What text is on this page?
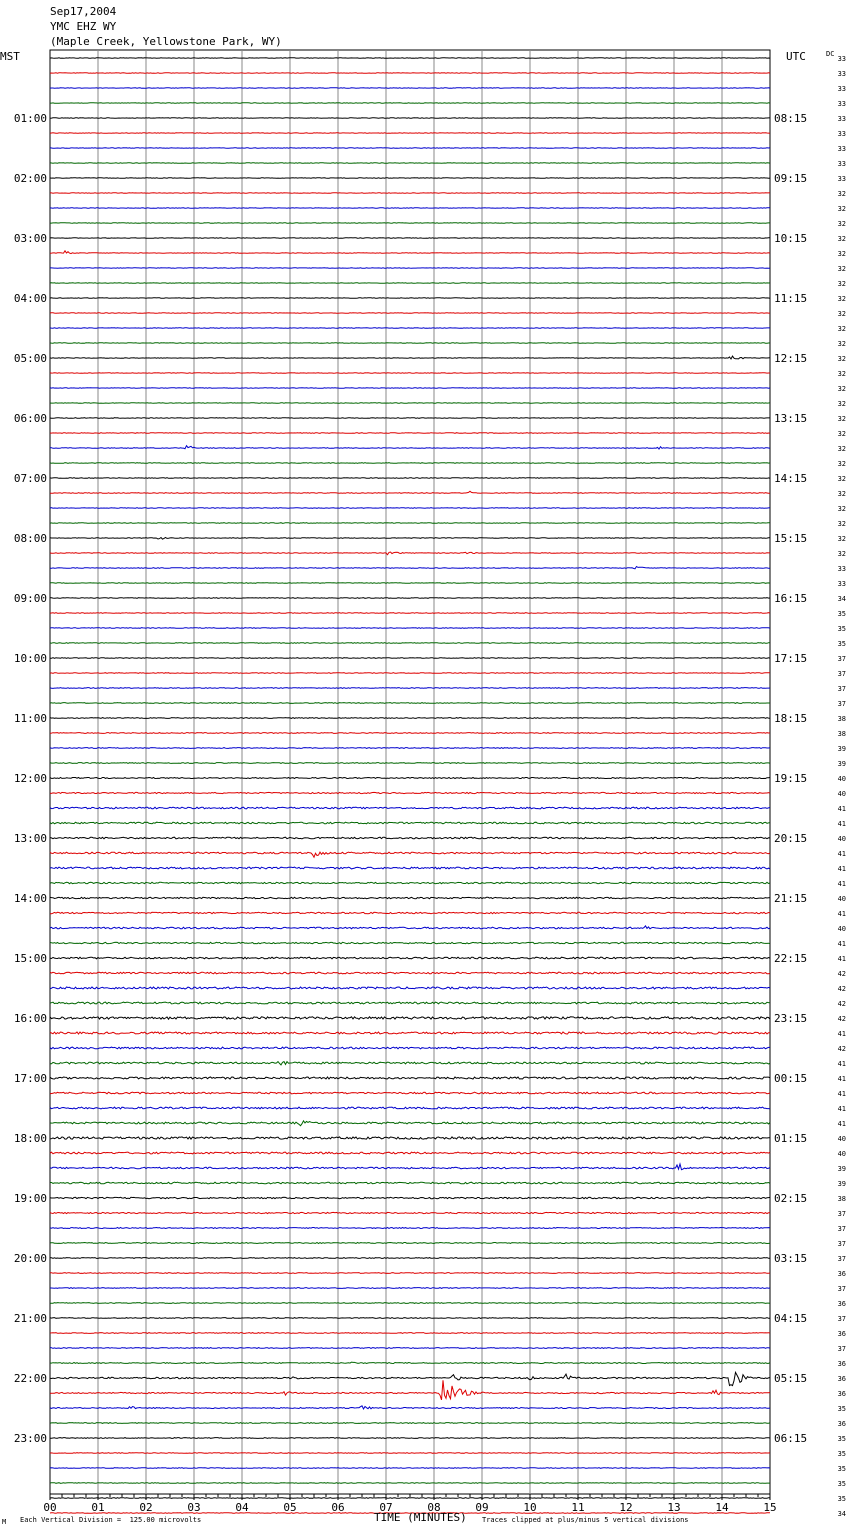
Sep17,2004
YMC EHZ WY
(Maple Creek, Yellowstone Park, WY)
MST	UTC	DC
00	01	02	03	04	05	06	07	08	09	10	11	12	13	14	15
33
33
33
33
33
01:00	08:15
33
33
33
33
02:00	09:15
32
32
32
32
03:00	10:15
32
32
32
32
04:00	11:15
32
32
32
32
05:00	12:15
32
32
32
32
06:00	13:15
32
32
32
32
07:00	14:15
32
32
32
32
08:00	15:15
32
33
33
34
09:00	16:15
35
35
35
37
10:00	17:15
37
37
37
38
11:00	18:15
38
39
39
40
12:00	19:15
40
41
41
40
13:00	20:15
41
41
41
40
14:00	21:15
41
40
41
41
15:00	22:15
42
42
42
42
16:00	23:15
41
42
41
41
17:00	00:15
41
41
41
40
18:00	01:15
40
39
39
38
19:00	02:15
37
37
37
37
20:00	03:15
36
37
36
37
21:00	04:15
36
37
36
36
22:00	05:15
36
35
36
35
23:00	06:15
35
35
35
35
34
M Each Vertical Division =  125.00 microvolts	TIME (MINUTES) Traces clipped at plus/minus 5 vertical divisions
